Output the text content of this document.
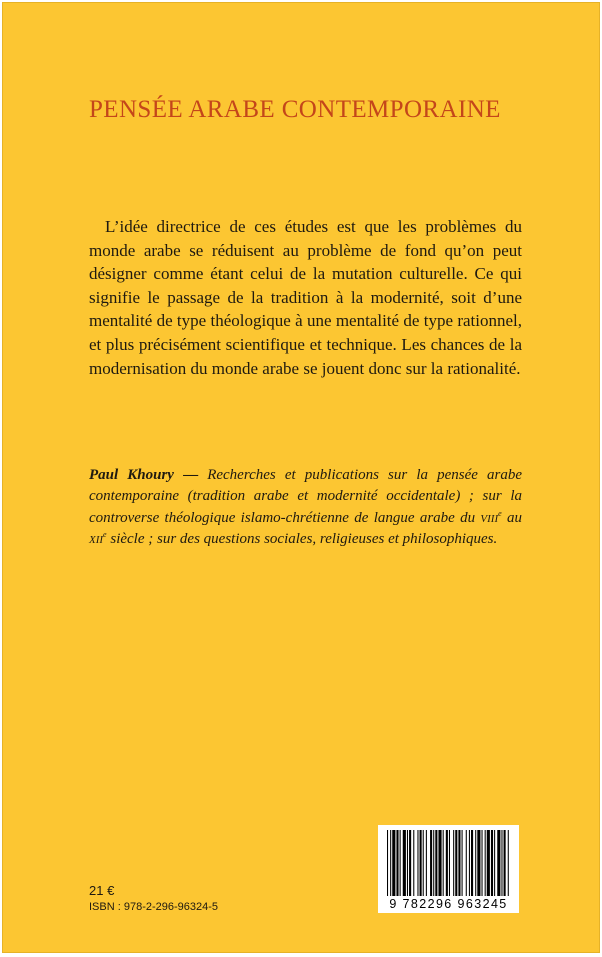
PENSÉE ARABE CONTEMPORAINE

L’idée directrice de ces études est que les problèmes du monde arabe se réduisent au problème de fond qu’on peut désigner comme étant celui de la mutation culturelle. Ce qui signifie le passage de la tradition à la modernité, soit d’une mentalité de type théologique à une mentalité de type rationnel, et plus précisément scientifique et technique. Les chances de la modernisation du monde arabe se jouent donc sur la rationalité.

Paul Khoury — Recherches et publications sur la pensée arabe contemporaine (tradition arabe et modernité occidentale) ; sur la controverse théologique islamo-chrétienne de langue arabe du viii$^e$ au xii$^e$ siècle ; sur des questions sociales, religieuses et philosophiques.

9 782296 963245
21 €
ISBN : 978-2-296-96324-5
